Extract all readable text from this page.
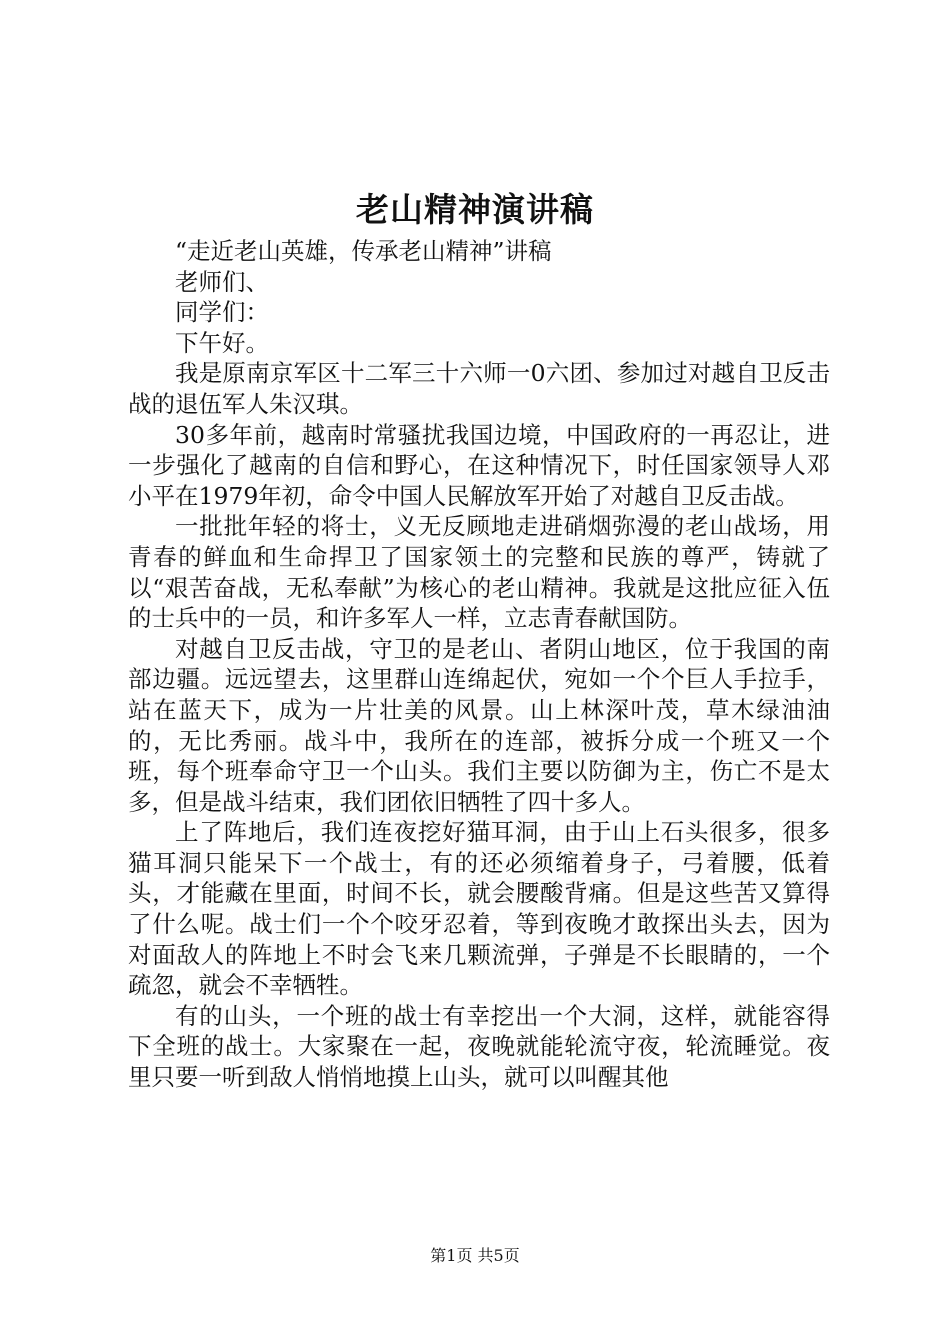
老山精神演讲稿

“走近老山英雄，传承老山精神”讲稿

老师们、

同学们：

下午好。

我是原南京军区十二军三十六师一0六团、参加过对越自卫反击战的退伍军人朱汉琪。

30多年前，越南时常骚扰我国边境，中国政府的一再忍让，进一步强化了越南的自信和野心，在这种情况下，时任国家领导人邓小平在1979年初，命令中国人民解放军开始了对越自卫反击战。

一批批年轻的将士，义无反顾地走进硝烟弥漫的老山战场，用青春的鲜血和生命捍卫了国家领土的完整和民族的尊严，铸就了以“艰苦奋战，无私奉献”为核心的老山精神。我就是这批应征入伍的士兵中的一员，和许多军人一样，立志青春献国防。

对越自卫反击战，守卫的是老山、者阴山地区，位于我国的南部边疆。远远望去，这里群山连绵起伏，宛如一个个巨人手拉手，站在蓝天下，成为一片壮美的风景。山上林深叶茂，草木绿油油的，无比秀丽。战斗中，我所在的连部，被拆分成一个班又一个班，每个班奉命守卫一个山头。我们主要以防御为主，伤亡不是太多，但是战斗结束，我们团依旧牺牲了四十多人。

上了阵地后，我们连夜挖好猫耳洞，由于山上石头很多，很多猫耳洞只能呆下一个战士，有的还必须缩着身子，弓着腰，低着头，才能藏在里面，时间不长，就会腰酸背痛。但是这些苦又算得了什么呢。战士们一个个咬牙忍着，等到夜晚才敢探出头去，因为对面敌人的阵地上不时会飞来几颗流弹，子弹是不长眼睛的，一个疏忽，就会不幸牺牲。

有的山头，一个班的战士有幸挖出一个大洞，这样，就能容得下全班的战士。大家聚在一起，夜晚就能轮流守夜，轮流睡觉。夜里只要一听到敌人悄悄地摸上山头，就可以叫醒其他

第1页 共5页
